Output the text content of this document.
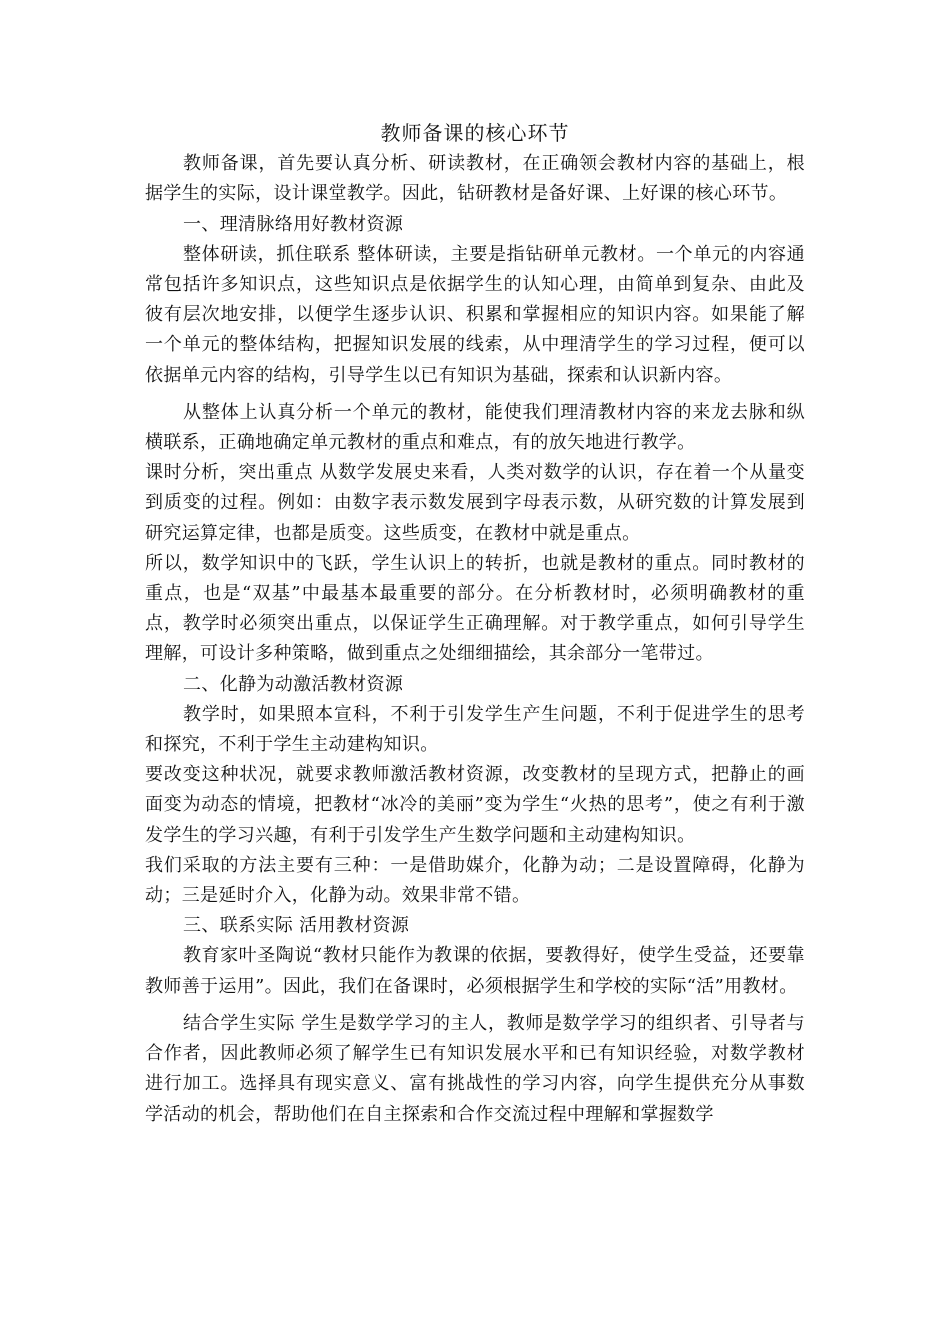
教师备课的核心环节

教师备课，首先要认真分析、研读教材，在正确领会教材内容的基础上，根据学生的实际，设计课堂教学。因此，钻研教材是备好课、上好课的核心环节。

一、理清脉络用好教材资源

整体研读，抓住联系 整体研读，主要是指钻研单元教材。一个单元的内容通常包括许多知识点，这些知识点是依据学生的认知心理，由简单到复杂、由此及彼有层次地安排，以便学生逐步认识、积累和掌握相应的知识内容。如果能了解一个单元的整体结构，把握知识发展的线索，从中理清学生的学习过程，便可以依据单元内容的结构，引导学生以已有知识为基础，探索和认识新内容。

从整体上认真分析一个单元的教材，能使我们理清教材内容的来龙去脉和纵横联系，正确地确定单元教材的重点和难点，有的放矢地进行教学。

课时分析，突出重点 从数学发展史来看，人类对数学的认识，存在着一个从量变到质变的过程。例如：由数字表示数发展到字母表示数，从研究数的计算发展到研究运算定律，也都是质变。这些质变，在教材中就是重点。

所以，数学知识中的飞跃，学生认识上的转折，也就是教材的重点。同时教材的重点，也是“双基”中最基本最重要的部分。在分析教材时，必须明确教材的重点，教学时必须突出重点，以保证学生正确理解。对于教学重点，如何引导学生理解，可设计多种策略，做到重点之处细细描绘，其余部分一笔带过。

二、化静为动激活教材资源

教学时，如果照本宣科，不利于引发学生产生问题，不利于促进学生的思考和探究，不利于学生主动建构知识。

要改变这种状况，就要求教师激活教材资源，改变教材的呈现方式，把静止的画面变为动态的情境，把教材“冰冷的美丽”变为学生“火热的思考”，使之有利于激发学生的学习兴趣，有利于引发学生产生数学问题和主动建构知识。

我们采取的方法主要有三种：一是借助媒介，化静为动；二是设置障碍，化静为动；三是延时介入，化静为动。效果非常不错。

三、联系实际 活用教材资源

教育家叶圣陶说“教材只能作为教课的依据，要教得好，使学生受益，还要靠教师善于运用”。因此，我们在备课时，必须根据学生和学校的实际“活”用教材。

结合学生实际 学生是数学学习的主人，教师是数学学习的组织者、引导者与合作者，因此教师必须了解学生已有知识发展水平和已有知识经验，对数学教材进行加工。选择具有现实意义、富有挑战性的学习内容，向学生提供充分从事数学活动的机会，帮助他们在自主探索和合作交流过程中理解和掌握数学
